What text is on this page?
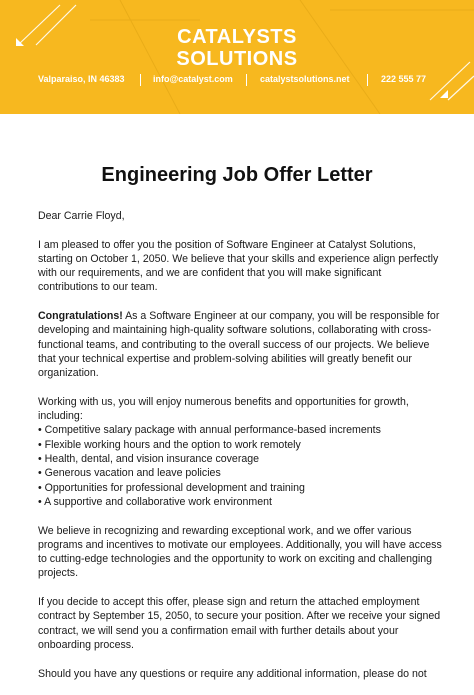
CATALYSTS
SOLUTIONS
Valparaiso, IN 46383	info@catalyst.com	catalystsolutions.net	222 555 77
Engineering Job Offer Letter

Dear Carrie Floyd,

I am pleased to offer you the position of Software Engineer at Catalyst Solutions, starting on October 1, 2050. We believe that your skills and experience align perfectly with our requirements, and we are confident that you will make significant contributions to our team.

Congratulations! As a Software Engineer at our company, you will be responsible for developing and maintaining high-quality software solutions, collaborating with cross-functional teams, and contributing to the overall success of our projects. We believe that your technical expertise and problem-solving abilities will greatly benefit our organization.

Working with us, you will enjoy numerous benefits and opportunities for growth, including:
• Competitive salary package with annual performance-based increments
• Flexible working hours and the option to work remotely
• Health, dental, and vision insurance coverage
• Generous vacation and leave policies
• Opportunities for professional development and training
• A supportive and collaborative work environment

We believe in recognizing and rewarding exceptional work, and we offer various programs and incentives to motivate our employees. Additionally, you will have access to cutting-edge technologies and the opportunity to work on exciting and challenging projects.

If you decide to accept this offer, please sign and return the attached employment contract by September 15, 2050, to secure your position. After we receive your signed contract, we will send you a confirmation email with further details about your onboarding process.

Should you have any questions or require any additional information, please do not
